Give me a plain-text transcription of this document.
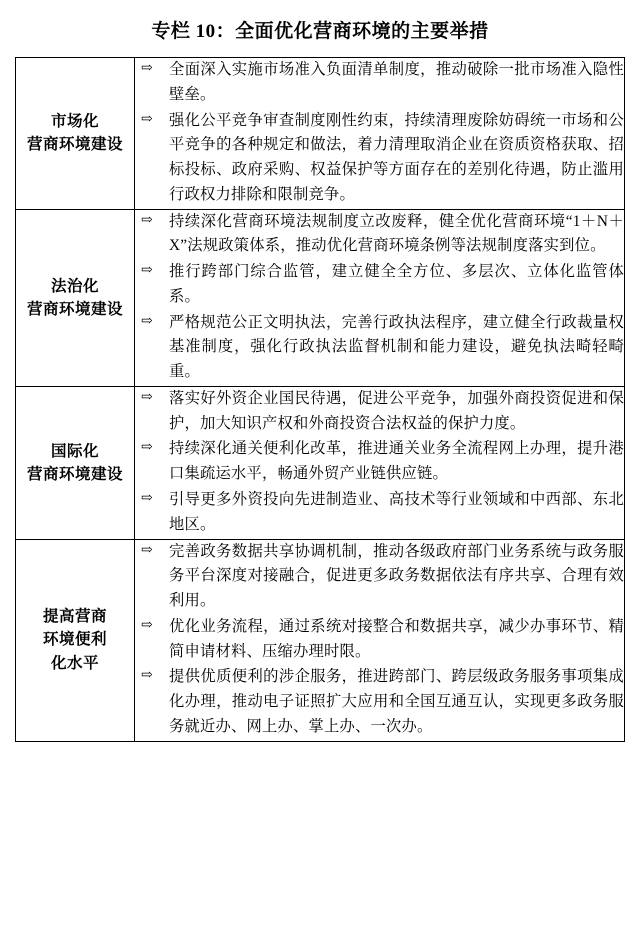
专栏 10：全面优化营商环境的主要举措
市场化
营商环境建设

⇨ 全面深入实施市场准入负面清单制度，推动破除一批市场准入隐性壁垒。
⇨ 强化公平竞争审查制度刚性约束，持续清理废除妨碍统一市场和公平竞争的各种规定和做法，着力清理取消企业在资质资格获取、招标投标、政府采购、权益保护等方面存在的差别化待遇，防止滥用行政权力排除和限制竞争。

法治化
营商环境建设

⇨ 持续深化营商环境法规制度立改废释，健全优化营商环境“1＋N＋X”法规政策体系，推动优化营商环境条例等法规制度落实到位。
⇨ 推行跨部门综合监管，建立健全全方位、多层次、立体化监管体系。
⇨ 严格规范公正文明执法，完善行政执法程序，建立健全行政裁量权基准制度，强化行政执法监督机制和能力建设，避免执法畸轻畸重。

国际化
营商环境建设

⇨ 落实好外资企业国民待遇，促进公平竞争，加强外商投资促进和保护，加大知识产权和外商投资合法权益的保护力度。
⇨ 持续深化通关便利化改革，推进通关业务全流程网上办理，提升港口集疏运水平，畅通外贸产业链供应链。
⇨ 引导更多外资投向先进制造业、高技术等行业领域和中西部、东北地区。

提高营商
环境便利
化水平

⇨ 完善政务数据共享协调机制，推动各级政府部门业务系统与政务服务平台深度对接融合，促进更多政务数据依法有序共享、合理有效利用。
⇨ 优化业务流程，通过系统对接整合和数据共享，减少办事环节、精简申请材料、压缩办理时限。
⇨ 提供优质便利的涉企服务，推进跨部门、跨层级政务服务事项集成化办理，推动电子证照扩大应用和全国互通互认，实现更多政务服务就近办、网上办、掌上办、一次办。
